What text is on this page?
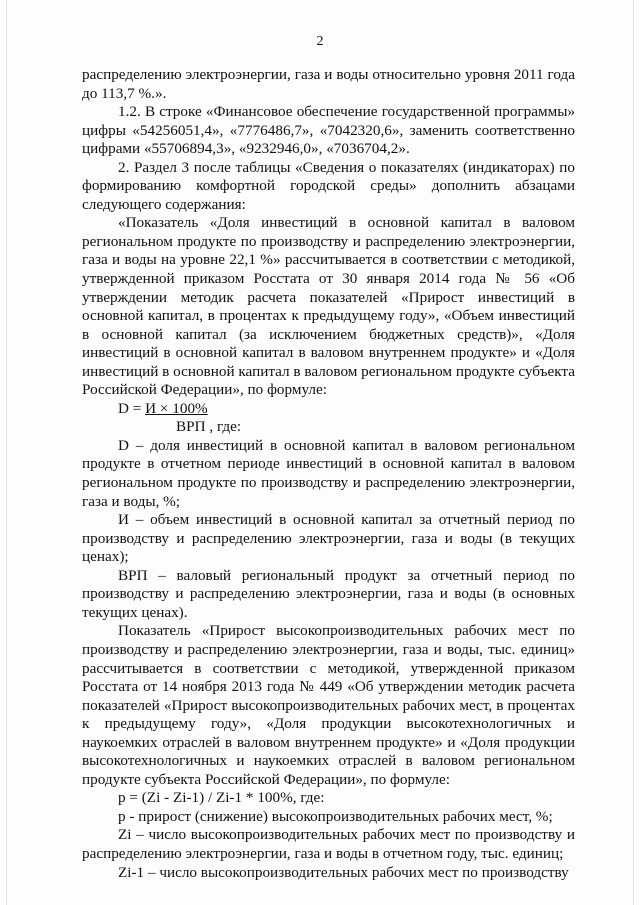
2

распределению электроэнергии, газа и воды относительно уровня 2011 года до 113,7 %.».

1.2. В строке «Финансовое обеспечение государственной программы» цифры «54256051,4», «7776486,7», «7042320,6», заменить соответственно цифрами «55706894,3», «9232946,0», «7036704,2».

2. Раздел 3 после таблицы «Сведения о показателях (индикаторах) по формированию комфортной городской среды» дополнить абзацами следующего содержания:

«Показатель «Доля инвестиций в основной капитал в валовом региональном продукте по производству и распределению электроэнергии, газа и воды на уровне 22,1 %» рассчитывается в соответствии с методикой, утвержденной приказом Росстата от 30 января 2014 года № 56 «Об утверждении методик расчета показателей «Прирост инвестиций в основной капитал, в процентах к предыдущему году», «Объем инвестиций в основной капитал (за исключением бюджетных средств)», «Доля инвестиций в основной капитал в валовом внутреннем продукте» и «Доля инвестиций в основной капитал в валовом региональном продукте субъекта Российской Федерации», по формуле:

D = И × 100%

ВРП , где:

D – доля инвестиций в основной капитал в валовом региональном продукте в отчетном периоде инвестиций в основной капитал в валовом региональном продукте по производству и распределению электроэнергии, газа и воды, %;

И – объем инвестиций в основной капитал за отчетный период по производству и распределению электроэнергии, газа и воды (в текущих ценах);

ВРП – валовый региональный продукт за отчетный период по производству и распределению электроэнергии, газа и воды (в основных текущих ценах).

Показатель «Прирост высокопроизводительных рабочих мест по производству и распределению электроэнергии, газа и воды, тыс. единиц» рассчитывается в соответствии с методикой, утвержденной приказом Росстата от 14 ноября 2013 года № 449 «Об утверждении методик расчета показателей «Прирост высокопроизводительных рабочих мест, в процентах к предыдущему году», «Доля продукции высокотехнологичных и наукоемких отраслей в валовом внутреннем продукте» и «Доля продукции высокотехнологичных и наукоемких отраслей в валовом региональном продукте субъекта Российской Федерации», по формуле:

p = (Zi - Zi-1) / Zi-1 * 100%, где:

p - прирост (снижение) высокопроизводительных рабочих мест, %;

Zi – число высокопроизводительных рабочих мест по производству и распределению электроэнергии, газа и воды в отчетном году, тыс. единиц;

Zi-1 – число высокопроизводительных рабочих мест по производству
